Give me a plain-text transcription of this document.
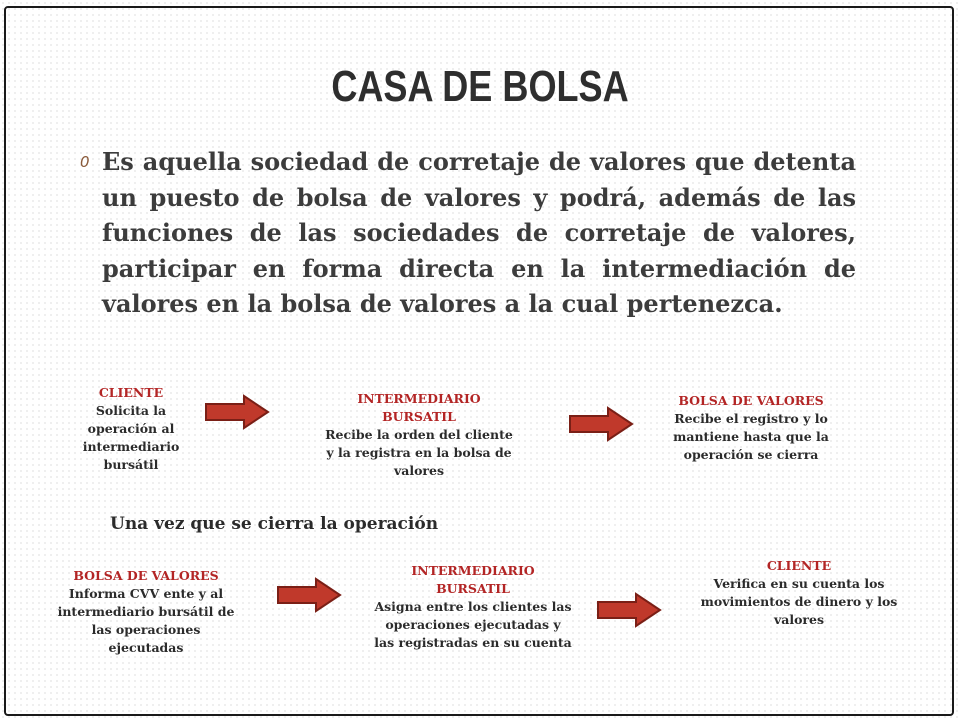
CASA DE BOLSA
0 Es aquella sociedad de corretaje de valores que detenta un puesto de bolsa de valores y podrá, además de las funciones de las sociedades de corretaje de valores, participar en forma directa en la intermediación de valores en la bolsa de valores a la cual pertenezca.
CLIENTE
Solicita la operación al intermediario bursátil
INTERMEDIARIO BURSATIL
Recibe la orden del cliente y la registra en la bolsa de valores
BOLSA DE VALORES
Recibe el registro y lo mantiene hasta que la operación se cierra
Una vez que se cierra la operación
BOLSA DE VALORES
Informa CVV ente y al intermediario bursátil de las operaciones ejecutadas
INTERMEDIARIO BURSATIL
Asigna entre los clientes las operaciones ejecutadas y las registradas en su cuenta
CLIENTE
Verifica en su cuenta los movimientos de dinero y los valores
